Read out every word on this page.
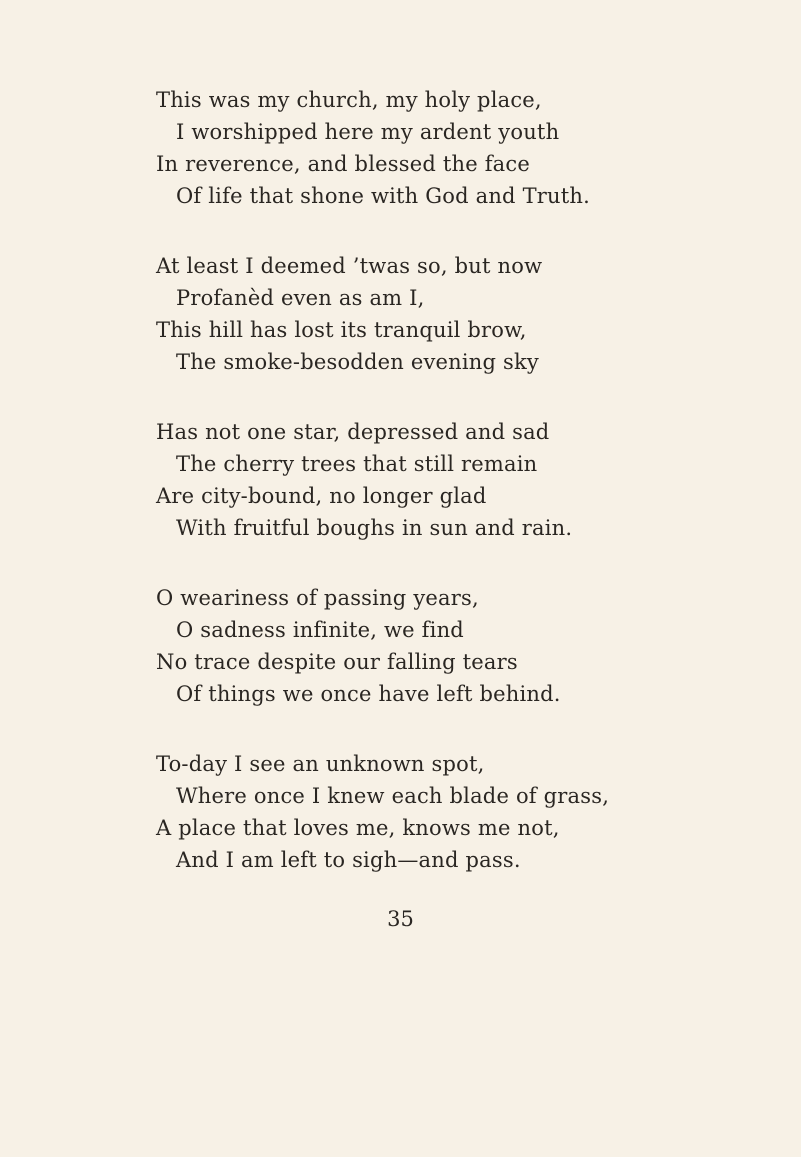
This was my church, my holy place,
I worshipped here my ardent youth
In reverence, and blessed the face
Of life that shone with God and Truth.
At least I deemed ’twas so, but now
Profanèd even as am I,
This hill has lost its tranquil brow,
The smoke-besodden evening sky
Has not one star, depressed and sad
The cherry trees that still remain
Are city-bound, no longer glad
With fruitful boughs in sun and rain.
O weariness of passing years,
O sadness infinite, we find
No trace despite our falling tears
Of things we once have left behind.
To-day I see an unknown spot,
Where once I knew each blade of grass,
A place that loves me, knows me not,
And I am left to sigh—and pass.
35
